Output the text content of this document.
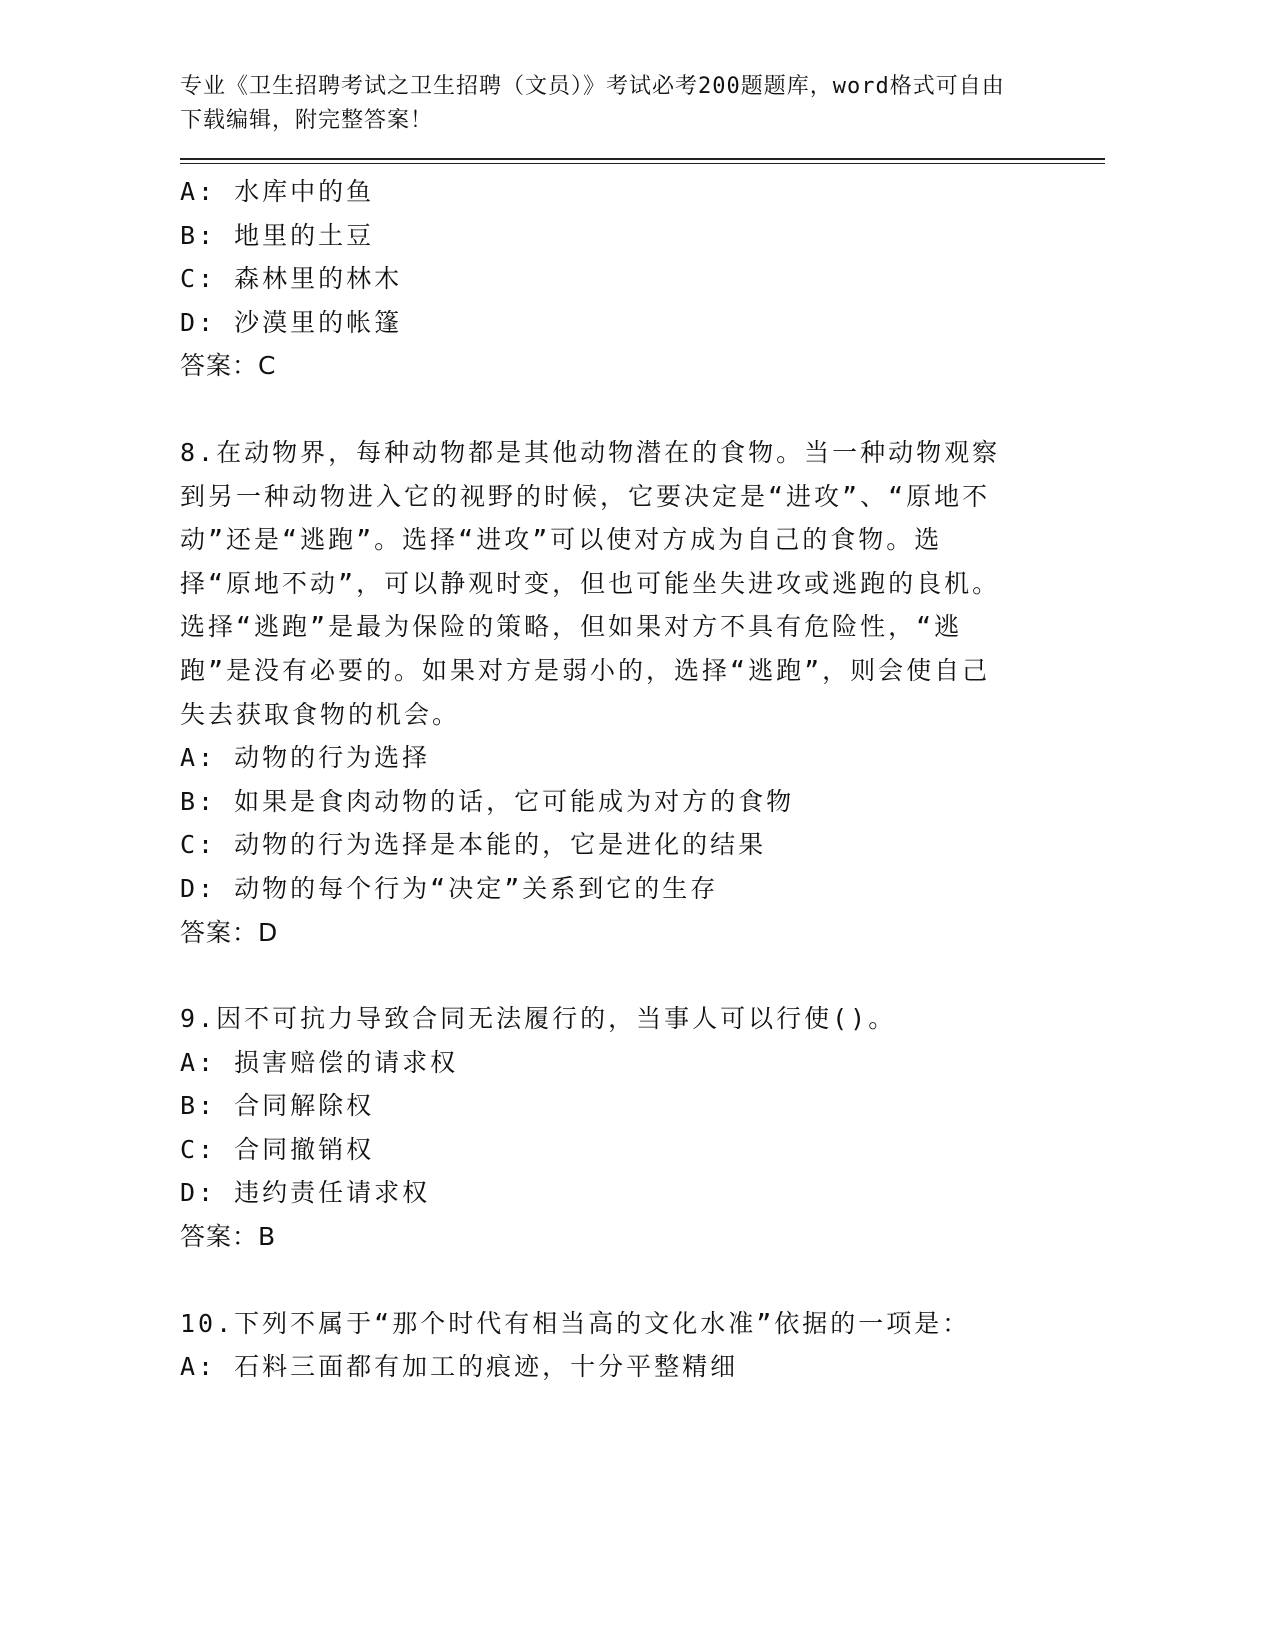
专业《卫生招聘考试之卫生招聘（文员）》考试必考200题题库，word格式可自由下载编辑，附完整答案！

A: 水库中的鱼

B: 地里的土豆

C: 森林里的林木

D: 沙漠里的帐篷

答案：C

8.在动物界，每种动物都是其他动物潜在的食物。当一种动物观察到另一种动物进入它的视野的时候，它要决定是“进攻”、“原地不动”还是“逃跑”。选择“进攻”可以使对方成为自己的食物。选择“原地不动”，可以静观时变，但也可能坐失进攻或逃跑的良机。选择“逃跑”是最为保险的策略，但如果对方不具有危险性，“逃跑”是没有必要的。如果对方是弱小的，选择“逃跑”，则会使自己失去获取食物的机会。

A: 动物的行为选择

B: 如果是食肉动物的话，它可能成为对方的食物

C: 动物的行为选择是本能的，它是进化的结果

D: 动物的每个行为“决定”关系到它的生存

答案：D

9.因不可抗力导致合同无法履行的，当事人可以行使()。

A: 损害赔偿的请求权

B: 合同解除权

C: 合同撤销权

D: 违约责任请求权

答案：B

10.下列不属于“那个时代有相当高的文化水准”依据的一项是：

A: 石料三面都有加工的痕迹，十分平整精细
